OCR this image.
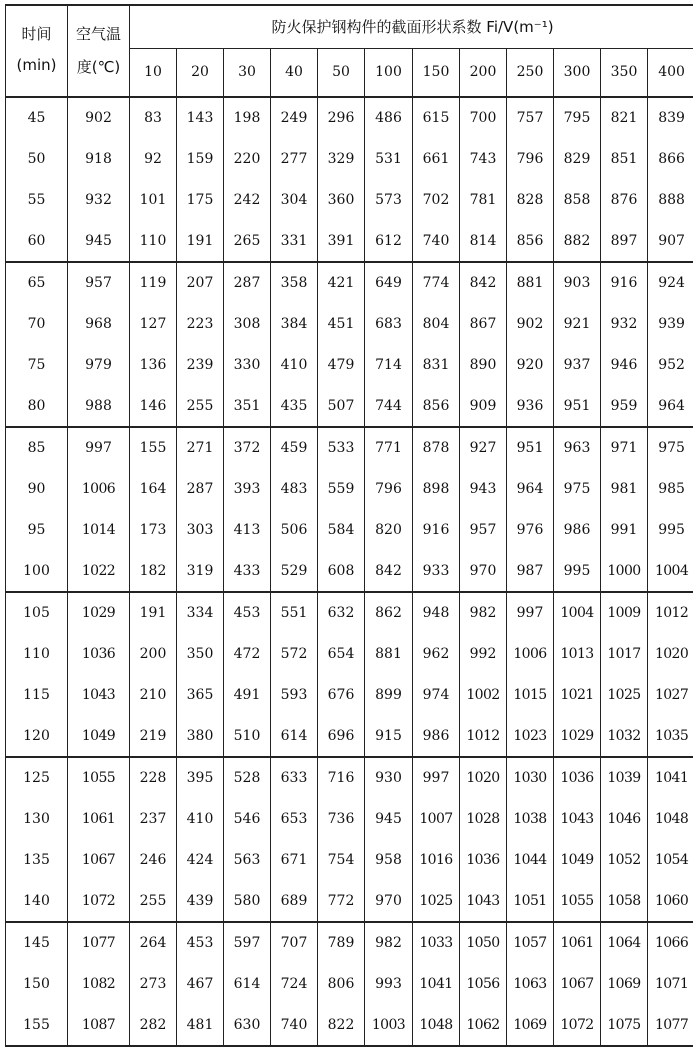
时间	空气温	防火保护钢构件的截面形状系数 Fi/V(m⁻¹)											
(min)	度(℃)	10	20	30	40	50	100	150	200	250	300	350	400
45	902	83	143	198	249	296	486	615	700	757	795	821	839
50	918	92	159	220	277	329	531	661	743	796	829	851	866
55	932	101	175	242	304	360	573	702	781	828	858	876	888
60	945	110	191	265	331	391	612	740	814	856	882	897	907
65	957	119	207	287	358	421	649	774	842	881	903	916	924
70	968	127	223	308	384	451	683	804	867	902	921	932	939
75	979	136	239	330	410	479	714	831	890	920	937	946	952
80	988	146	255	351	435	507	744	856	909	936	951	959	964
85	997	155	271	372	459	533	771	878	927	951	963	971	975
90	1006	164	287	393	483	559	796	898	943	964	975	981	985
95	1014	173	303	413	506	584	820	916	957	976	986	991	995
100	1022	182	319	433	529	608	842	933	970	987	995	1000	1004
105	1029	191	334	453	551	632	862	948	982	997	1004	1009	1012
110	1036	200	350	472	572	654	881	962	992	1006	1013	1017	1020
115	1043	210	365	491	593	676	899	974	1002	1015	1021	1025	1027
120	1049	219	380	510	614	696	915	986	1012	1023	1029	1032	1035
125	1055	228	395	528	633	716	930	997	1020	1030	1036	1039	1041
130	1061	237	410	546	653	736	945	1007	1028	1038	1043	1046	1048
135	1067	246	424	563	671	754	958	1016	1036	1044	1049	1052	1054
140	1072	255	439	580	689	772	970	1025	1043	1051	1055	1058	1060
145	1077	264	453	597	707	789	982	1033	1050	1057	1061	1064	1066
150	1082	273	467	614	724	806	993	1041	1056	1063	1067	1069	1071
155	1087	282	481	630	740	822	1003	1048	1062	1069	1072	1075	1077
